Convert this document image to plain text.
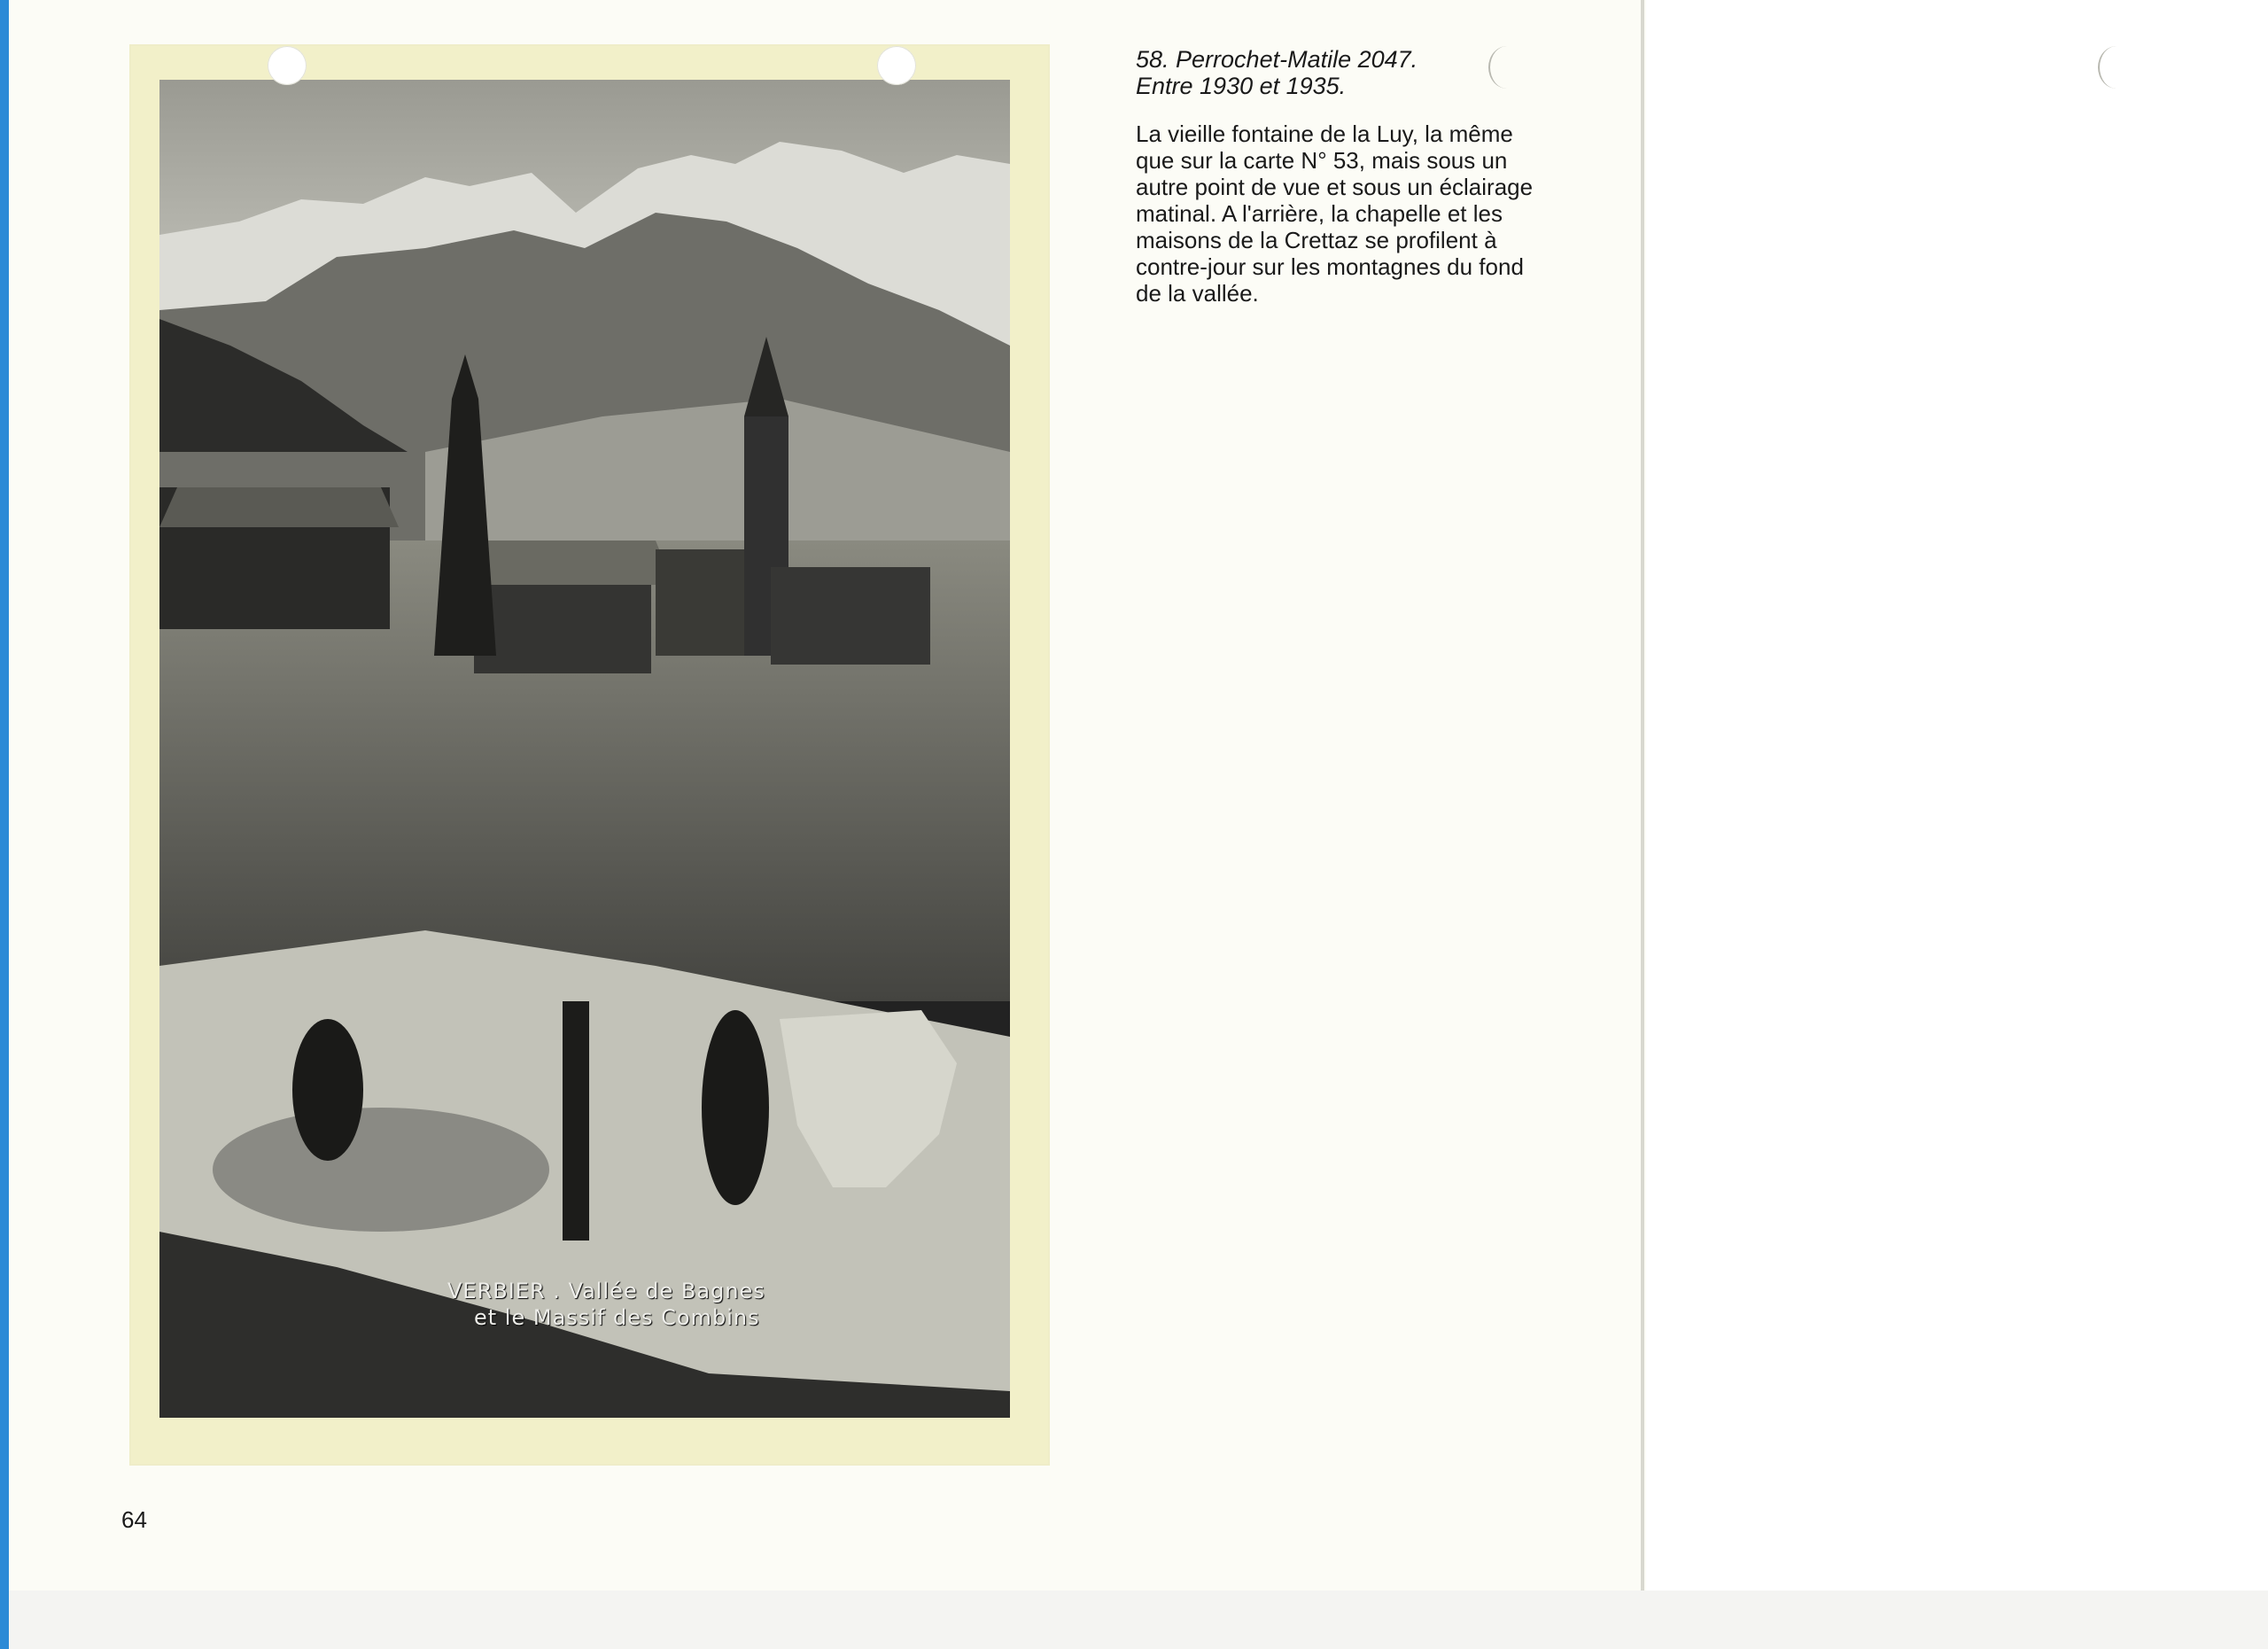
VERBIER . Vallée de Bagnes
et le Massif des Combins

58. Perrochet-Matile 2047.

Entre 1930 et 1935.

La vieille fontaine de la Luy, la même que sur la carte N° 53, mais sous un autre point de vue et sous un éclairage matinal. A l'arrière, la chapelle et les maisons de la Crettaz se profilent à contre-jour sur les montagnes du fond de la vallée.

64
